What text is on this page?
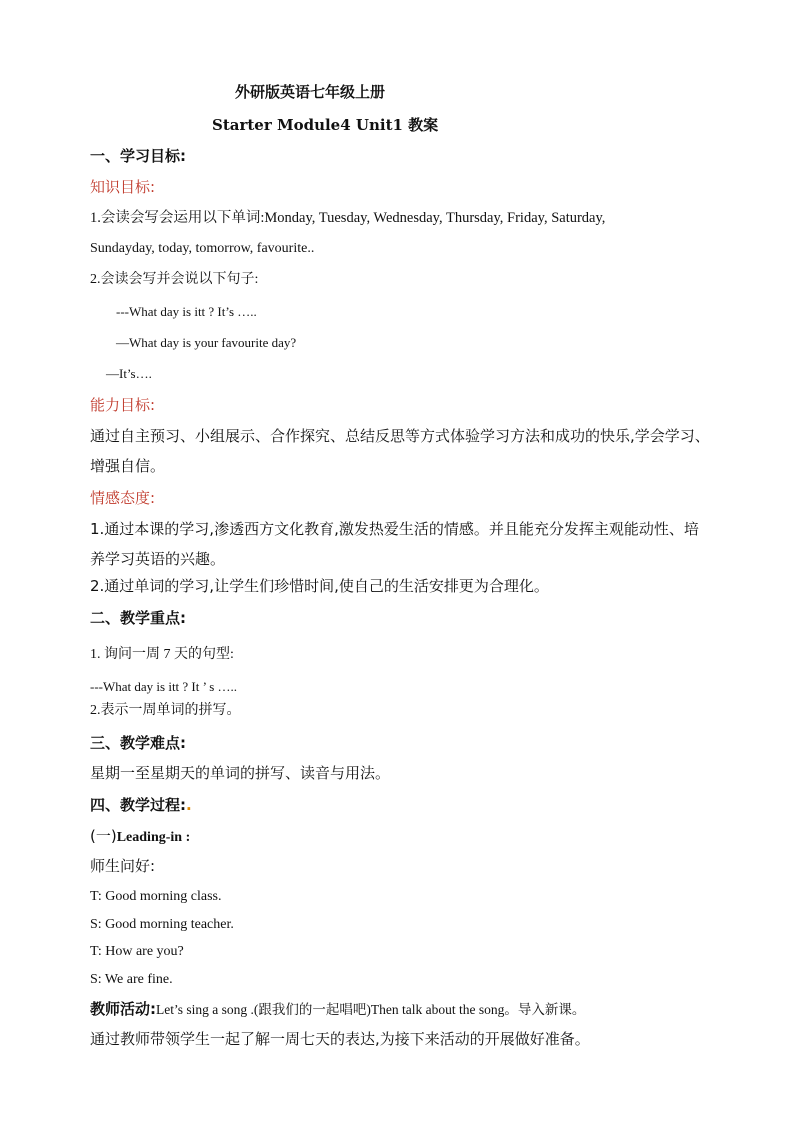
外研版英语七年级上册
Starter Module4 Unit1 教案
一、学习目标:
知识目标:
1.会读会写会运用以下单词:Monday, Tuesday, Wednesday, Thursday, Friday, Saturday,
Sundayday, today, tomorrow, favourite..
2.会读会写并会说以下句子:
---What day is itt ? It’s …..
—What day is your favourite day?
—It’s….
能力目标:
通过自主预习、小组展示、合作探究、总结反思等方式体验学习方法和成功的快乐,学会学习、增强自信。
情感态度:
1.通过本课的学习,渗透西方文化教育,激发热爱生活的情感。并且能充分发挥主观能动性、培养学习英语的兴趣。
2.通过单词的学习,让学生们珍惜时间,使自己的生活安排更为合理化。
二、教学重点:
1. 询问一周 7 天的句型:
---What day is itt ? It ’ s …..
2.表示一周单词的拼写。
三、教学难点:
星期一至星期天的单词的拼写、读音与用法。
四、教学过程:.
(一)Leading-in :
师生问好:
T: Good morning class.
S: Good morning teacher.
T: How are you?
S: We are fine.
教师活动:Let’s sing a song .(跟我们的一起唱吧)Then talk about the song。导入新课。
通过教师带领学生一起了解一周七天的表达,为接下来活动的开展做好准备。
